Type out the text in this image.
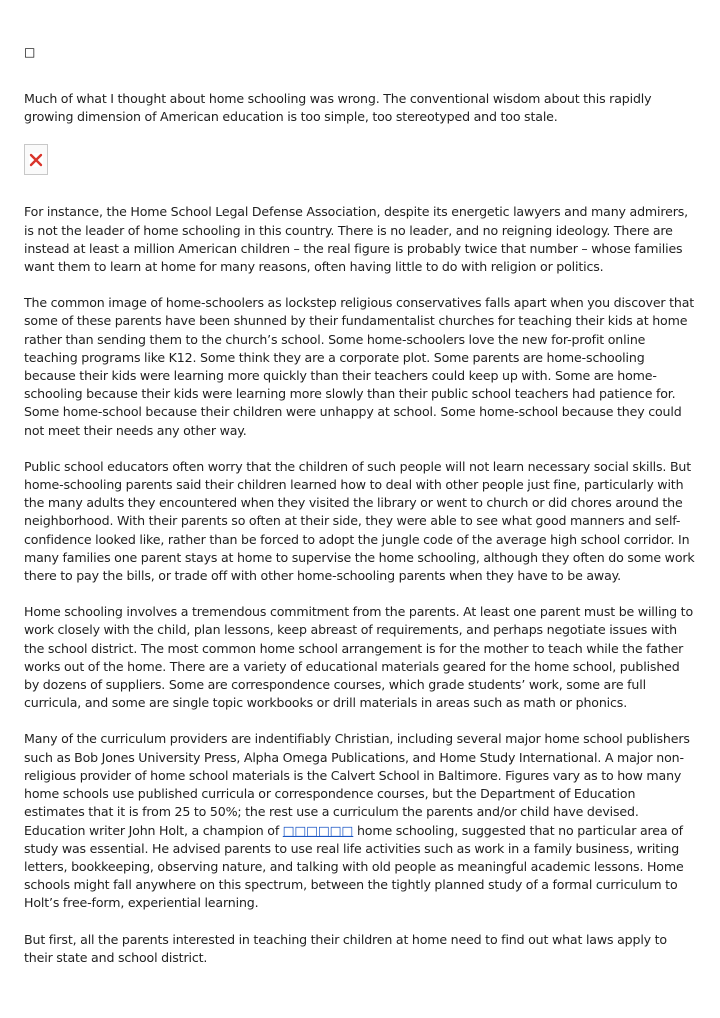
□

Much of what I thought about home schooling was wrong. The conventional wisdom about this rapidly growing dimension of American education is too simple, too stereotyped and too stale.

For instance, the Home School Legal Defense Association, despite its energetic lawyers and many admirers, is not the leader of home schooling in this country. There is no leader, and no reigning ideology. There are instead at least a million American children – the real figure is probably twice that number – whose families want them to learn at home for many reasons, often having little to do with religion or politics.

The common image of home-schoolers as lockstep religious conservatives falls apart when you discover that some of these parents have been shunned by their fundamentalist churches for teaching their kids at home rather than sending them to the church’s school. Some home-schoolers love the new for-profit online teaching programs like K12. Some think they are a corporate plot. Some parents are home-schooling because their kids were learning more quickly than their teachers could keep up with. Some are home-schooling because their kids were learning more slowly than their public school teachers had patience for. Some home-school because their children were unhappy at school. Some home-school because they could not meet their needs any other way.

Public school educators often worry that the children of such people will not learn necessary social skills. But home-schooling parents said their children learned how to deal with other people just fine, particularly with the many adults they encountered when they visited the library or went to church or did chores around the neighborhood. With their parents so often at their side, they were able to see what good manners and self-confidence looked like, rather than be forced to adopt the jungle code of the average high school corridor. In many families one parent stays at home to supervise the home schooling, although they often do some work there to pay the bills, or trade off with other home-schooling parents when they have to be away.

Home schooling involves a tremendous commitment from the parents. At least one parent must be willing to work closely with the child, plan lessons, keep abreast of requirements, and perhaps negotiate issues with the school district. The most common home school arrangement is for the mother to teach while the father works out of the home. There are a variety of educational materials geared for the home school, published by dozens of suppliers. Some are correspondence courses, which grade students’ work, some are full curricula, and some are single topic workbooks or drill materials in areas such as math or phonics.

Many of the curriculum providers are indentifiably Christian, including several major home school publishers such as Bob Jones University Press, Alpha Omega Publications, and Home Study International. A major non-religious provider of home school materials is the Calvert School in Baltimore. Figures vary as to how many home schools use published curricula or correspondence courses, but the Department of Education estimates that it is from 25 to 50%; the rest use a curriculum the parents and/or child have devised. Education writer John Holt, a champion of □□□□□□ home schooling, suggested that no particular area of study was essential. He advised parents to use real life activities such as work in a family business, writing letters, bookkeeping, observing nature, and talking with old people as meaningful academic lessons. Home schools might fall anywhere on this spectrum, between the tightly planned study of a formal curriculum to Holt’s free-form, experiential learning.

But first, all the parents interested in teaching their children at home need to find out what laws apply to their state and school district.
